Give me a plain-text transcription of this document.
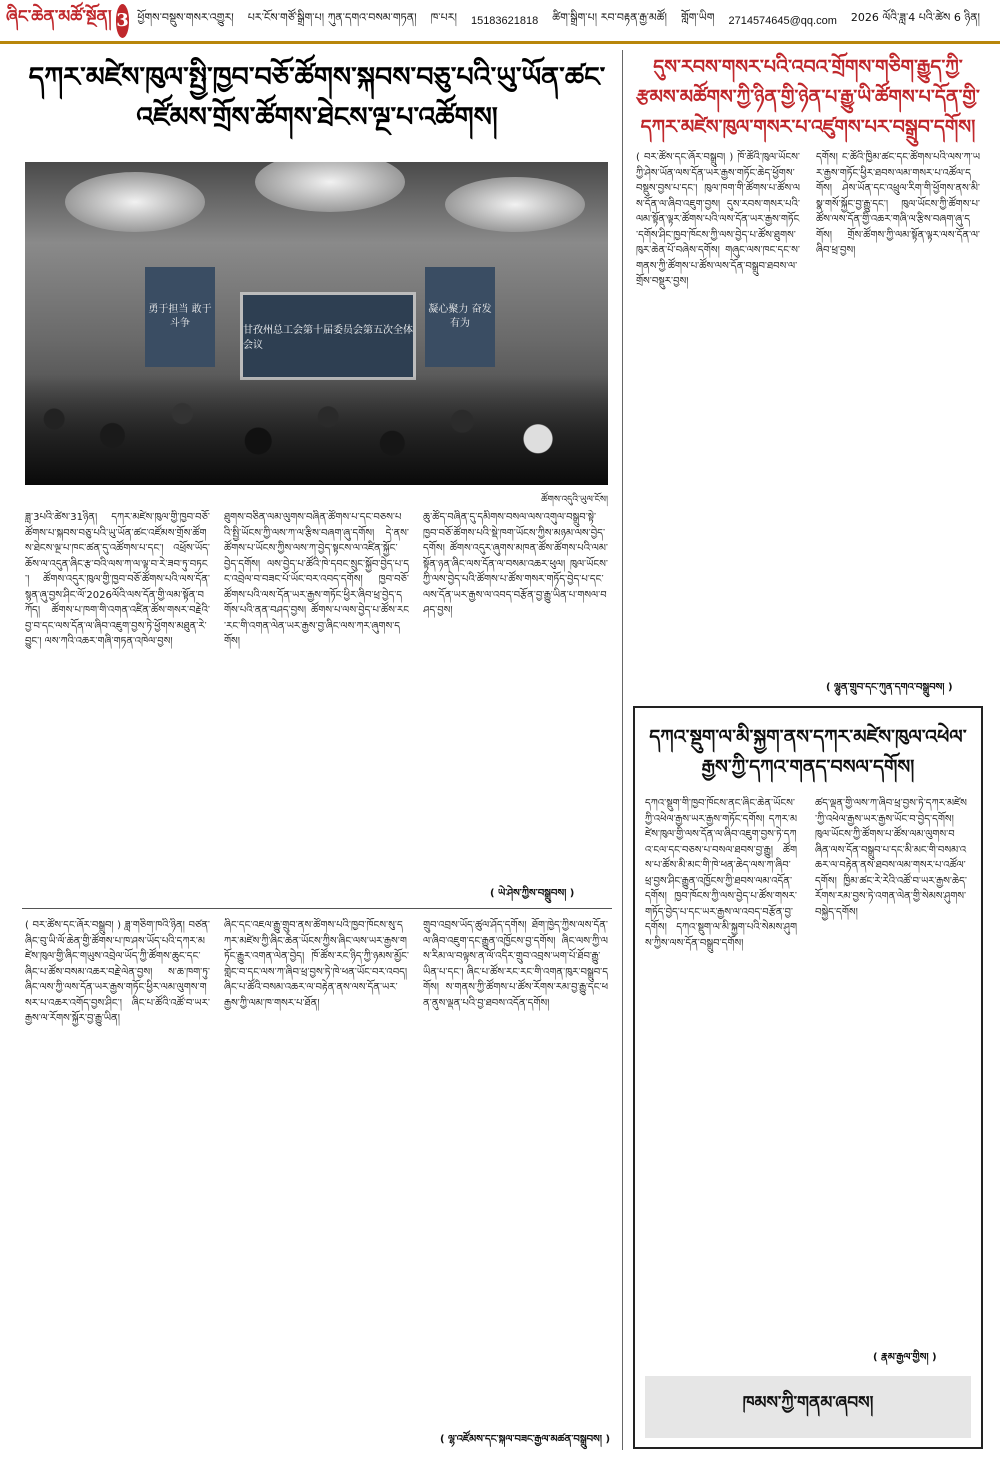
ཞིང་ཆེན་མཚོ་སྔོན། 3 ཕྱོགས་བསྡུས་གསར་འགྱུར། པར་ངོས་གཙོ་སྒྲིག་པ། ཀུན་དགའ་བསམ་གཏན། ཁ་པར། 15183621818 ཚིག་སྒྲིག་པ། རབ་བརྟན་རྒྱ་མཚོ། གློག་ཡིག 2714574645@qq.com 2026 ལོའི་ཟླ་4 པའི་ཚེས 6 ཉིན།
དཀར་མཛེས་ཁུལ་སྤྱི་ཁྱབ་བཅོ་ཚོགས་སྐབས་བཅུ་པའི་ཡུ་ཡོན་ཚང་འཛོམས་གྲོས་ཚོགས་ཐེངས་ལྔ་པ་འཚོགས།
勇于担当 敢于斗争
凝心聚力 奋发有为
甘孜州总工会第十届委员会第五次全体会议
ཚོགས་འདུའི་ཡུལ་ངོས།
ཟླ་3པའི་ཚེས་31ཉིན། དཀར་མཛེས་ཁུལ་གྱི་ཁྱབ་བཅོ་ཚོགས་པ་སྐབས་བཅུ་པའི་ཡུ་ཡོན་ཚང་འཛོམས་གྲོས་ཚོགས་ཐེངས་ལྔ་པ་ཁང་ཚན་དུ་འཚོགས་པ་དང་། འཕྲོས་ཡོད་ཆོས་ལ་འདུན་ཞིང་རྩ་བའི་ལས་ཀ་ལ་ལྟ་བ་རེ་ཟབ་ཏུ་བཏང་། ཚོགས་འདུར་ཁུལ་གྱི་ཁྱབ་བཅོ་ཚོགས་པའི་ལས་དོན་སྙན་ཞུ་བྱས་ཤིང་ལོ་2026ལོའི་ལས་དོན་གྱི་ལམ་སྟོན་བཀོད། ཚོགས་པ་ཁག་གི་འགན་འཛིན་ཚོས་གསར་བརྗེའི་བྱ་བ་དང་ལས་དོན་ལ་ཞིབ་འཇུག་བྱས་ཏེ་ཕྱོགས་མཐུན་རེ་བྱུང་། ལས་ཀའི་འཆར་གཞི་གཏན་འཁེལ་བྱས།
ཐུགས་བཅིན་ལམ་ལུགས་བཞིན་ཚོགས་པ་དང་བཅས་པའི་སྤྱི་ཡོངས་ཀྱི་ལས་ཀ་ལ་རྩིས་བཞག་ཞུ་དགོས། དེ་ནས་ཚོགས་པ་ཡོངས་ཀྱིས་ལས་ཀ་བྱེད་སྟངས་ལ་འཛིན་སྐྱོང་བྱེད་དགོས། ལས་བྱེད་པ་ཚོའི་ཁེ་དབང་སྲུང་སྐྱོབ་བྱེད་པ་དང་འབྲེལ་བ་བཟང་པོ་ཡོང་བར་འབད་དགོས། ཁྱབ་བཅོ་ཚོགས་པའི་ལས་དོན་ཡར་རྒྱས་གཏོང་ཕྱིར་ཞིབ་ཕྲ་བྱེད་དགོས་པའི་ནན་བཤད་བྱས། ཚོགས་པ་ལས་བྱེད་པ་ཚོས་རང་རང་གི་འགན་ལེན་ཡར་རྒྱས་བྱ་ཞིང་ལས་ཀར་ཞུགས་དགོས།
ཆུ་ཚོད་བཞིན་དུ་དམིགས་བསལ་ལས་འགུལ་བསྒྲུབ་སྟེ་ཁྱབ་བཅོ་ཚོགས་པའི་སྡེ་ཁག་ཡོངས་ཀྱིས་མཉམ་ལས་བྱེད་དགོས། ཚོགས་འདུར་ཞུགས་མཁན་ཚོས་ཚོགས་པའི་ལམ་སྟོན་ཉན་ཞིང་ལས་དོན་ལ་བསམ་འཆར་ཕུལ། ཁུལ་ཡོངས་ཀྱི་ལས་བྱེད་པའི་ཚོགས་པ་ཚོས་གསར་གཏོད་བྱེད་པ་དང་ལས་དོན་ཡར་རྒྱས་ལ་འབད་བརྩོན་བྱ་རྒྱུ་ཡིན་པ་གསལ་བཤད་བྱས།
( ཡེ་ཤེས་ཀྱིས་བསྒྲུབས། )
( བར་ཚོས་དང་ཞོར་བསྒྲུབ། ) ཟླ་གཅིག་ཁའི་ཉིན། བཙན་ཞིང་བུ་ཡི་ལོ་ཆེན་གྱི་ཚོགས་པ་ཁ་ཤས་ཡོད་པའི་དཀར་མཛེས་ཁུལ་གྱི་ཞིང་གཡུས་འབྲེལ་ཡོད་ཀྱི་ཚོགས་ཆུང་དང་ཞིང་པ་ཚོས་བསམ་འཆར་བརྗེ་ལེན་བྱས། ས་ཆ་ཁག་ཏུ་ཞིང་ལས་ཀྱི་ལས་དོན་ཡར་རྒྱས་གཏོང་ཕྱིར་ལམ་ལུགས་གསར་པ་འཆར་འགོད་བྱས་ཤིང་། ཞིང་པ་ཚོའི་འཚོ་བ་ཡར་རྒྱས་ལ་རོགས་སྐྱོར་བྱ་རྒྱུ་ཡིན།
ཞིང་དང་འཇལ་རྒྱུ་གྲུབ་ནས་ཚོགས་པའི་ཁྱབ་ཁོངས་སུ་དཀར་མཛེས་ཀྱི་ཞིང་ཆེན་ཡོངས་ཀྱིས་ཞིང་ལས་ཡར་རྒྱས་གཏོང་རྒྱུར་འགན་ལེན་བྱེད། ཁོ་ཚོས་རང་ཉིད་ཀྱི་ཉམས་མྱོང་གླེང་བ་དང་ལས་ཀ་ཞིབ་ཕྲ་བྱས་ཏེ་ཁེ་ཕན་ཡོང་བར་འབད། ཞིང་པ་ཚོའི་བསམ་འཆར་ལ་བརྟེན་ནས་ལས་དོན་ཡར་རྒྱས་ཀྱི་ལམ་ཁ་གསར་པ་ཐོན།
གྲུབ་འབྲས་ཡོད་ཚུལ་ཤོད་དགོས། ཐོག་ཁྱེད་ཀྱིས་ལས་དོན་ལ་ཞིབ་འཇུག་དང་རྒྱུན་འཁྱོངས་བྱ་དགོས། ཞིང་ལས་ཀྱི་ལས་རིམ་ལ་བལྟས་ན་ལོ་འདིར་གྲུབ་འབྲས་ཡག་པོ་ཐོབ་རྒྱུ་ཡིན་པ་དང་། ཞིང་པ་ཚོས་རང་རང་གི་འགན་ཁུར་བསྒྲུབ་དགོས། ས་གནས་ཀྱི་ཚོགས་པ་ཚོས་རོགས་རམ་བྱ་རྒྱུ་དང་ཕན་ནུས་ལྡན་པའི་བྱ་ཐབས་འདོན་དགོས།
( ལྷ་འཛོམས་དང་སྐལ་བཟང་རྒྱལ་མཚན་བསྒྲུབས། )
དུས་རབས་གསར་པའི་འབའ་གྲོགས་གཅིག་རྒྱུད་ཀྱི་རྩམས་མཚོགས་ཀྱི་ཉིན་གྱི་ཉེན་པ་རྒྱུ་ཡི་ཚོགས་པ་དོན་གྱི་དཀར་མཛེས་ཁུལ་གསར་པ་འཛུགས་པར་བསྒྲུབ་དགོས།
( བར་ཚོས་དང་ཞོར་བསྒྲུབ། ) ཁོ་ཚོའི་ཁུལ་ཡོངས་ཀྱི་ཤེས་ཡོན་ལས་དོན་ཡར་རྒྱས་གཏོང་ཆེད་ཕྱོགས་བསྡུས་བྱས་པ་དང་། ཁུལ་ཁག་གི་ཚོགས་པ་ཚོས་ལས་དོན་ལ་ཞིབ་འཇུག་བྱས། དུས་རབས་གསར་པའི་ལམ་སྟོན་ལྟར་ཚོགས་པའི་ལས་དོན་ཡར་རྒྱས་གཏོང་དགོས་ཤིང་ཁྱབ་ཁོངས་ཀྱི་ལས་བྱེད་པ་ཚོས་ཐུགས་ཁུར་ཆེན་པོ་བཞེས་དགོས། གཞུང་ལས་ཁང་དང་ས་གནས་ཀྱི་ཚོགས་པ་ཚོས་ལས་དོན་བསྒྲུབ་ཐབས་ལ་གྲོས་བསྡུར་བྱས།
དགོས། ང་ཚོའི་ཁྱིམ་ཚང་དང་ཚོགས་པའི་ལས་ཀ་ཡར་རྒྱས་གཏོང་ཕྱིར་ཐབས་ལམ་གསར་པ་འཚོལ་དགོས། ཤེས་ཡོན་དང་འཕྲུལ་རིག་གི་ཕྱོགས་ནས་མི་སྣ་གསོ་སྐྱོང་བྱ་རྒྱུ་དང་། ཁུལ་ཡོངས་ཀྱི་ཚོགས་པ་ཚོས་ལས་དོན་གྱི་འཆར་གཞི་ལ་རྩིས་བཞག་ཞུ་དགོས། གྲོས་ཚོགས་ཀྱི་ལམ་སྟོན་ལྟར་ལས་དོན་ལ་ཞིབ་ཕྲ་བྱས།
( ལྷུན་གྲུབ་དང་ཀུན་དགའ་བསྒྲུབས། )
དཀའ་སྡུག་ལ་མི་སྐྱག་ནས་དཀར་མཛེས་ཁུལ་འཕེལ་རྒྱས་ཀྱི་དཀའ་གནད་བསལ་དགོས།
དཀའ་སྡུག་གི་ཁྱབ་ཁོངས་ནང་ཞིང་ཆེན་ཡོངས་ཀྱི་འཕེལ་རྒྱས་ཡར་རྒྱས་གཏོང་དགོས། དཀར་མཛེས་ཁུལ་གྱི་ལས་དོན་ལ་ཞིབ་འཇུག་བྱས་ཏེ་དཀའ་ངལ་དང་བཅས་པ་བསལ་ཐབས་བྱ་རྒྱུ། ཚོགས་པ་ཚོས་མི་མང་གི་ཁེ་ཕན་ཆེད་ལས་ཀ་ཞིབ་ཕྲ་བྱས་ཤིང་རྒྱུན་འཁྱོངས་ཀྱི་ཐབས་ལམ་འདོན་དགོས། ཁྱབ་ཁོངས་ཀྱི་ལས་བྱེད་པ་ཚོས་གསར་གཏོད་བྱེད་པ་དང་ཡར་རྒྱས་ལ་འབད་བརྩོན་བྱ་དགོས། དཀའ་སྡུག་ལ་མི་སྐྱག་པའི་སེམས་ཤུགས་ཀྱིས་ལས་དོན་བསྒྲུབ་དགོས།
ཚད་ལྡན་གྱི་ལས་ཀ་ཞིབ་ཕྲ་བྱས་ཏེ་དཀར་མཛེས་ཀྱི་འཕེལ་རྒྱས་ཡར་རྒྱས་ཡོང་བ་བྱེད་དགོས། ཁུལ་ཡོངས་ཀྱི་ཚོགས་པ་ཚོས་ལམ་ལུགས་བཞིན་ལས་དོན་བསྒྲུབ་པ་དང་མི་མང་གི་བསམ་འཆར་ལ་བརྟེན་ནས་ཐབས་ལམ་གསར་པ་འཚོལ་དགོས། ཁྱིམ་ཚང་རེ་རེའི་འཚོ་བ་ཡར་རྒྱས་ཆེད་རོགས་རམ་བྱས་ཏེ་འགན་ལེན་གྱི་སེམས་ཤུགས་བསྐྱེད་དགོས།
( རྣམ་རྒྱལ་གྱིས། )
ཁམས་ཀྱི་གནམ་ཞབས།
